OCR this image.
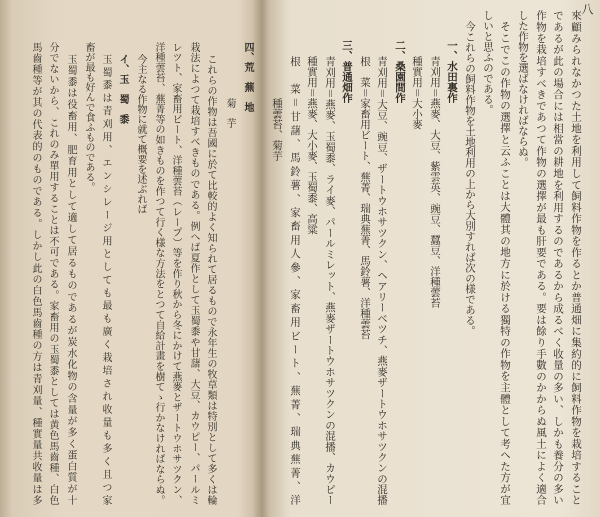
八
來顧みられなかつた土地を利用して飼料作物を作るとか普通畑に集約的に飼料作物を栽培すること
であるが此の場合には相當の耕地を利用するのであるから成るべく收量の多い、しかも養分の多い
作物を栽培すべきであつて作物の選擇が最も肝要である。要は餘り手數のかからぬ風土によく適合
した作物を選ばなければならぬ。
そこでこの作物の選擇と云ふことは大體其の地方に於ける獨特の作物を主體として考へた方が宜
しいと思ふのである。
今これらの飼料作物を土地利用の上から大別すれば次の様である。
一、水田裏作
青刈用＝燕麥、大豆、紫雲英、豌豆、蠶豆、洋種蕓苔
種實用＝大小麥
二、桑園間作
青刈用＝大豆、豌豆、ザートウホサツクン、ヘアリーベツチ、燕麥ザートウホサツクンの混播
根　菜＝家畜用ビート、蕪菁、瑞典蕪菁、馬鈴薯、洋種蕓苔
三、普通畑作
青刈用＝燕麥、玉蜀黍、ライ麥、パールミレット、燕麥ザートウホサツクンの混播、カウピー
種實用＝燕麥、大小麥、玉蜀黍、高粱
根　菜＝甘藷、馬鈴薯、家畜用人參、家畜用ビート、蕪菁、瑞典蕪菁、洋
種蕓苔、菊芋
四、荒　蕪　地
菊　芋
これらの作物は吾國に於て比較的よく知られて居るもので永年生の牧草類は特別として多くは輪
栽法によつて栽培すべきものである。例へば夏作として玉蜀黍や甘藷、大豆、カウピー、パールミ
レツト、家畜用ビート、洋種蕓苔（レープ）等を作り秋から冬にかけて燕麥とザートウホサツクン、
洋種蕓苔、蕪菁等の如きものを作つて行く様な方法をとつて自給計畫を樹てゝ行かなければならぬ。
今主なる作物に就て概要を述ぶれば
イ、玉　蜀　黍
玉蜀黍は青刈用、エンシレージ用としても最も廣く栽培され收量も多く且つ家
畜が最も好んで食ふものである。
玉蜀黍は役畜用、肥育用として適して居るものであるが炭水化物の含量が多く蛋白質が十
分でないから、これのみ單用することは不可である。家畜用の玉蜀黍としては黄色馬齒種、白色
馬齒種等が其の代表的のものである。しかし此の白色馬齒種の方は青刈量、種實量共收量は多
